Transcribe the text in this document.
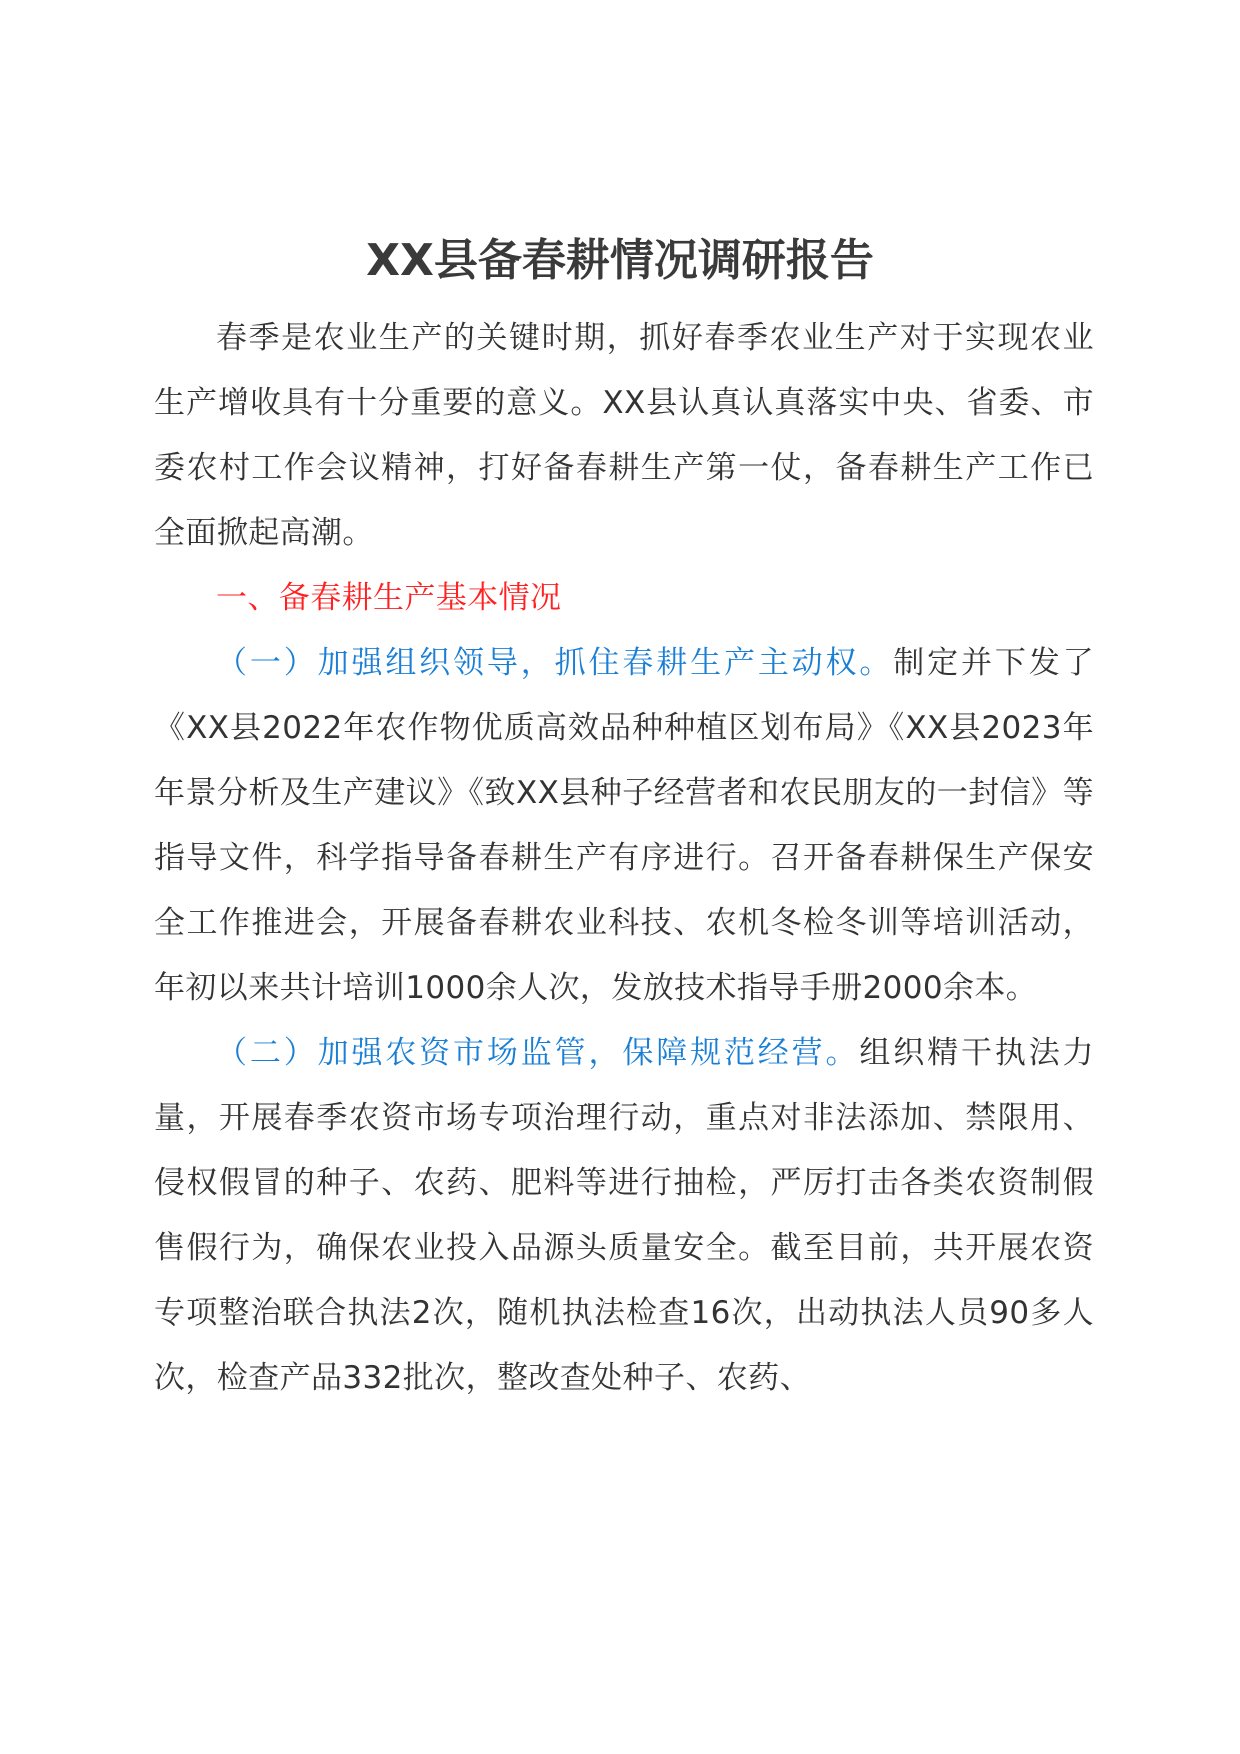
XX县备春耕情况调研报告

春季是农业生产的关键时期，抓好春季农业生产对于实现农业生产增收具有十分重要的意义。XX县认真认真落实中央、省委、市委农村工作会议精神，打好备春耕生产第一仗，备春耕生产工作已全面掀起高潮。

一、备春耕生产基本情况

（一）加强组织领导，抓住春耕生产主动权。制定并下发了《XX县2022年农作物优质高效品种种植区划布局》《XX县2023年年景分析及生产建议》《致XX县种子经营者和农民朋友的一封信》等指导文件，科学指导备春耕生产有序进行。召开备春耕保生产保安全工作推进会，开展备春耕农业科技、农机冬检冬训等培训活动，年初以来共计培训1000余人次，发放技术指导手册2000余本。

（二）加强农资市场监管，保障规范经营。组织精干执法力量，开展春季农资市场专项治理行动，重点对非法添加、禁限用、侵权假冒的种子、农药、肥料等进行抽检，严厉打击各类农资制假售假行为，确保农业投入品源头质量安全。截至目前，共开展农资专项整治联合执法2次，随机执法检查16次，出动执法人员90多人次，检查产品332批次，整改查处种子、农药、
